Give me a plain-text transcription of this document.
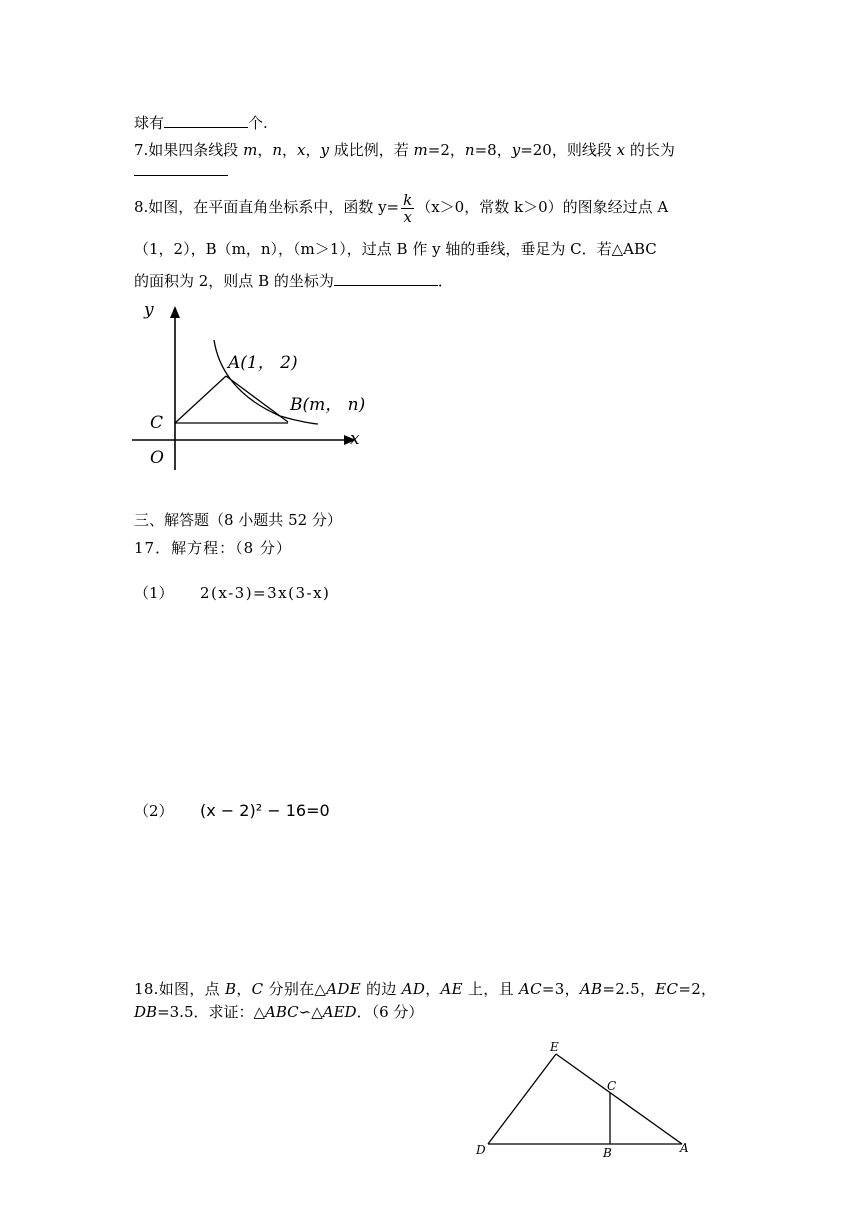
球有	个.
7.如果四条线段 m，n，x，y 成比例，若 m=2，n=8，y=20，则线段 x 的长为
8.如图，在平面直角坐标系中，函数 $y= \frac{k}{x} (x>0$，常数 k＞0）的图象经过点 A
（1，2），B（m，n），（m＞1），过点 B 作 y 轴的垂线，垂足为 C．若△ABC
的面积为 2，则点 B 的坐标为	．
y
x
O
C
A(1， 2)
B(m， n)
三、解答题（8 小题共 52 分）
17．解方程：（8 分）
（1） 2(x-3)=3x(3-x)
（2） (x − 2)² − 16=0
18.如图，点 B，C 分别在△ADE 的边 AD，AE 上，且 AC=3，AB=2.5，EC=2，
DB=3.5．求证：△ABC∽△AED．（6 分）
E
C
D	B	A
